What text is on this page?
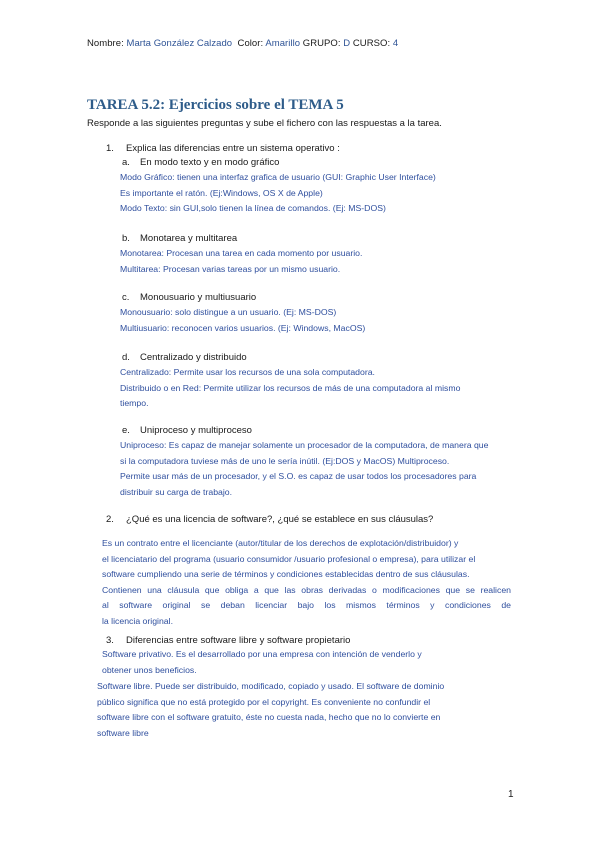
Nombre: Marta González Calzado Color: Amarillo GRUPO: D CURSO: 4
TAREA 5.2: Ejercicios sobre el TEMA 5
Responde a las siguientes preguntas y sube el fichero con las respuestas a la tarea.
1. Explica las diferencias entre un sistema operativo :
a. En modo texto y en modo gráfico
Modo Gráfico: tienen una interfaz grafica de usuario (GUI: Graphic User Interface)
Es importante el ratón. (Ej:Windows, OS X de Apple)
Modo Texto: sin GUI,solo tienen la línea de comandos. (Ej: MS-DOS)
b. Monotarea y multitarea
Monotarea: Procesan una tarea en cada momento por usuario.
Multitarea: Procesan varias tareas por un mismo usuario.
c. Monousuario y multiusuario
Monousuario: solo distingue a un usuario. (Ej: MS-DOS)
Multiusuario: reconocen varios usuarios. (Ej: Windows, MacOS)
d. Centralizado y distribuido
Centralizado: Permite usar los recursos de una sola computadora.
Distribuido o en Red: Permite utilizar los recursos de más de una computadora al mismo
tiempo.
e. Uniproceso y multiproceso
Uniproceso: Es capaz de manejar solamente un procesador de la computadora, de manera que
si la computadora tuviese más de uno le sería inútil. (Ej:DOS y MacOS) Multiproceso.
Permite usar más de un procesador, y el S.O. es capaz de usar todos los procesadores para
distribuir su carga de trabajo.
2. ¿Qué es una licencia de software?, ¿qué se establece en sus cláusulas?
Es un contrato entre el licenciante (autor/titular de los derechos de explotación/distribuidor) y
el licenciatario del programa (usuario consumidor /usuario profesional o empresa), para utilizar el
software cumpliendo una serie de términos y condiciones establecidas dentro de sus cláusulas.
Contienen una cláusula que obliga a que las obras derivadas o modificaciones que se realicen
al software original se deban licenciar bajo los mismos términos y condiciones de
la licencia original.
3. Diferencias entre software libre y software propietario
Software privativo. Es el desarrollado por una empresa con intención de venderlo y
obtener unos beneficios.
Software libre. Puede ser distribuido, modificado, copiado y usado. El software de dominio
público significa que no está protegido por el copyright. Es conveniente no confundir el
software libre con el software gratuito, éste no cuesta nada, hecho que no lo convierte en
software libre
1
